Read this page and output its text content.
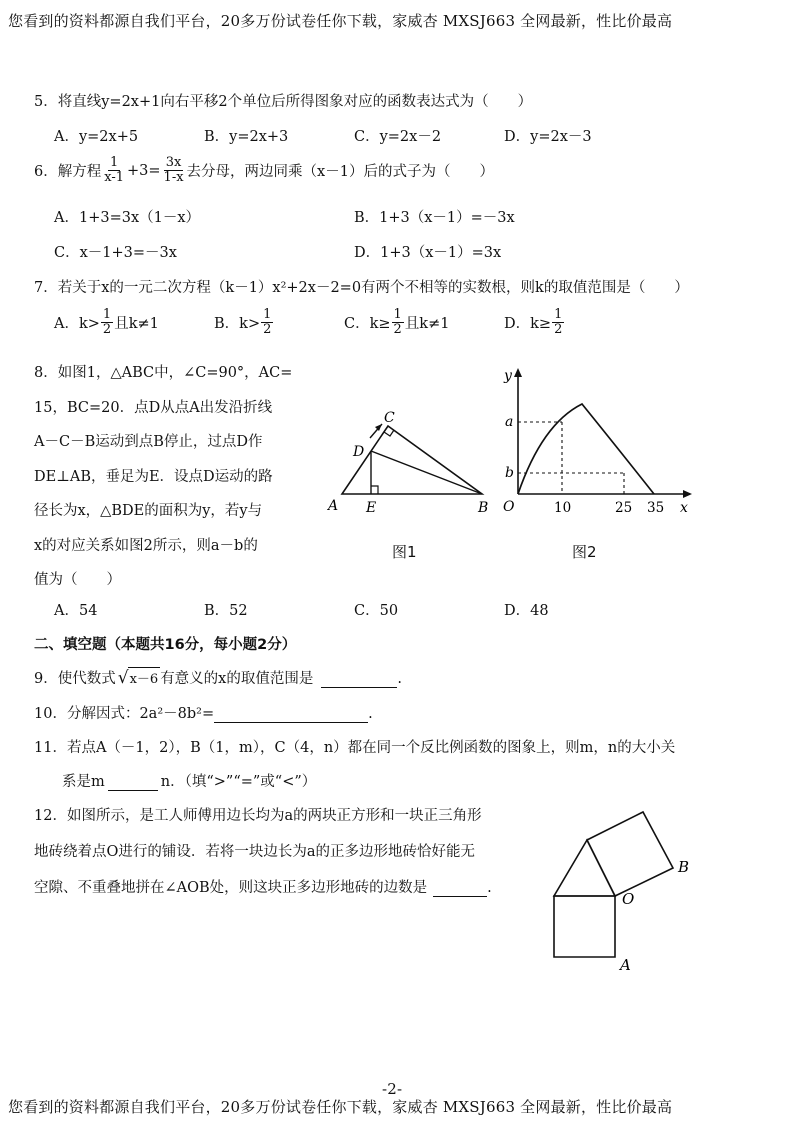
您看到的资料都源自我们平台，20多万份试卷任你下载，家威杏 MXSJ663 全网最新，性比价最高
5．将直线y=2x+1向右平移2个单位后所得图象对应的函数表达式为（　　）
A．y=2x+5	B．y=2x+3	C．y=2x－2	D．y=2x－3
6．解方程 $\frac{1}{x-1} +3= \frac{3x}{1-x}$ 去分母，两边同乘（x－1）后的式子为（　　）
A．1+3=3x（1－x）	B．1+3（x－1）=－3x
C．x－1+3=－3x	D．1+3（x－1）=3x
7．若关于x的一元二次方程（k－1）x²+2x－2=0有两个不相等的实数根，则k的取值范围是（　　）
A．$k> \frac{1}{2}$ 且k≠1	B．$k> \frac{1}{2}$	C．$k\ge \frac{1}{2}$ 且k≠1	D．$k\ge \frac{1}{2}$
8．如图1，△ABC中，∠C=90°，AC=
15，BC=20．点D从点A出发沿折线
A－C－B运动到点B停止，过点D作
DE⊥AB，垂足为E．设点D运动的路
径长为x，△BDE的面积为y，若y与
x的对应关系如图2所示，则a－b的
值为（　　）
A．54	B．52	C．50	D．48
A	B
C
D
E
图1
y
x
O
a
b
10	25 35
图2
二、填空题（本题共16分，每小题2分）
9．使代数式 √ x－6 有意义的x的取值范围是
	.
10．分解因式：2a²－8b²=
	.
11．若点A（－1，2），B（1，m），C（4，n）都在同一个反比例函数的图象上，则m，n的大小关
系是m
	n．（填“>”“=”或“<”）
12．如图所示，是工人师傅用边长均为a的两块正方形和一块正三角形
地砖绕着点O进行的铺设．若将一块边长为a的正多边形地砖恰好能无
空隙、不重叠地拼在∠AOB处，则这块正多边形地砖的边数是
	.
O
A
B
-2-
您看到的资料都源自我们平台，20多万份试卷任你下载，家威杏 MXSJ663 全网最新，性比价最高
